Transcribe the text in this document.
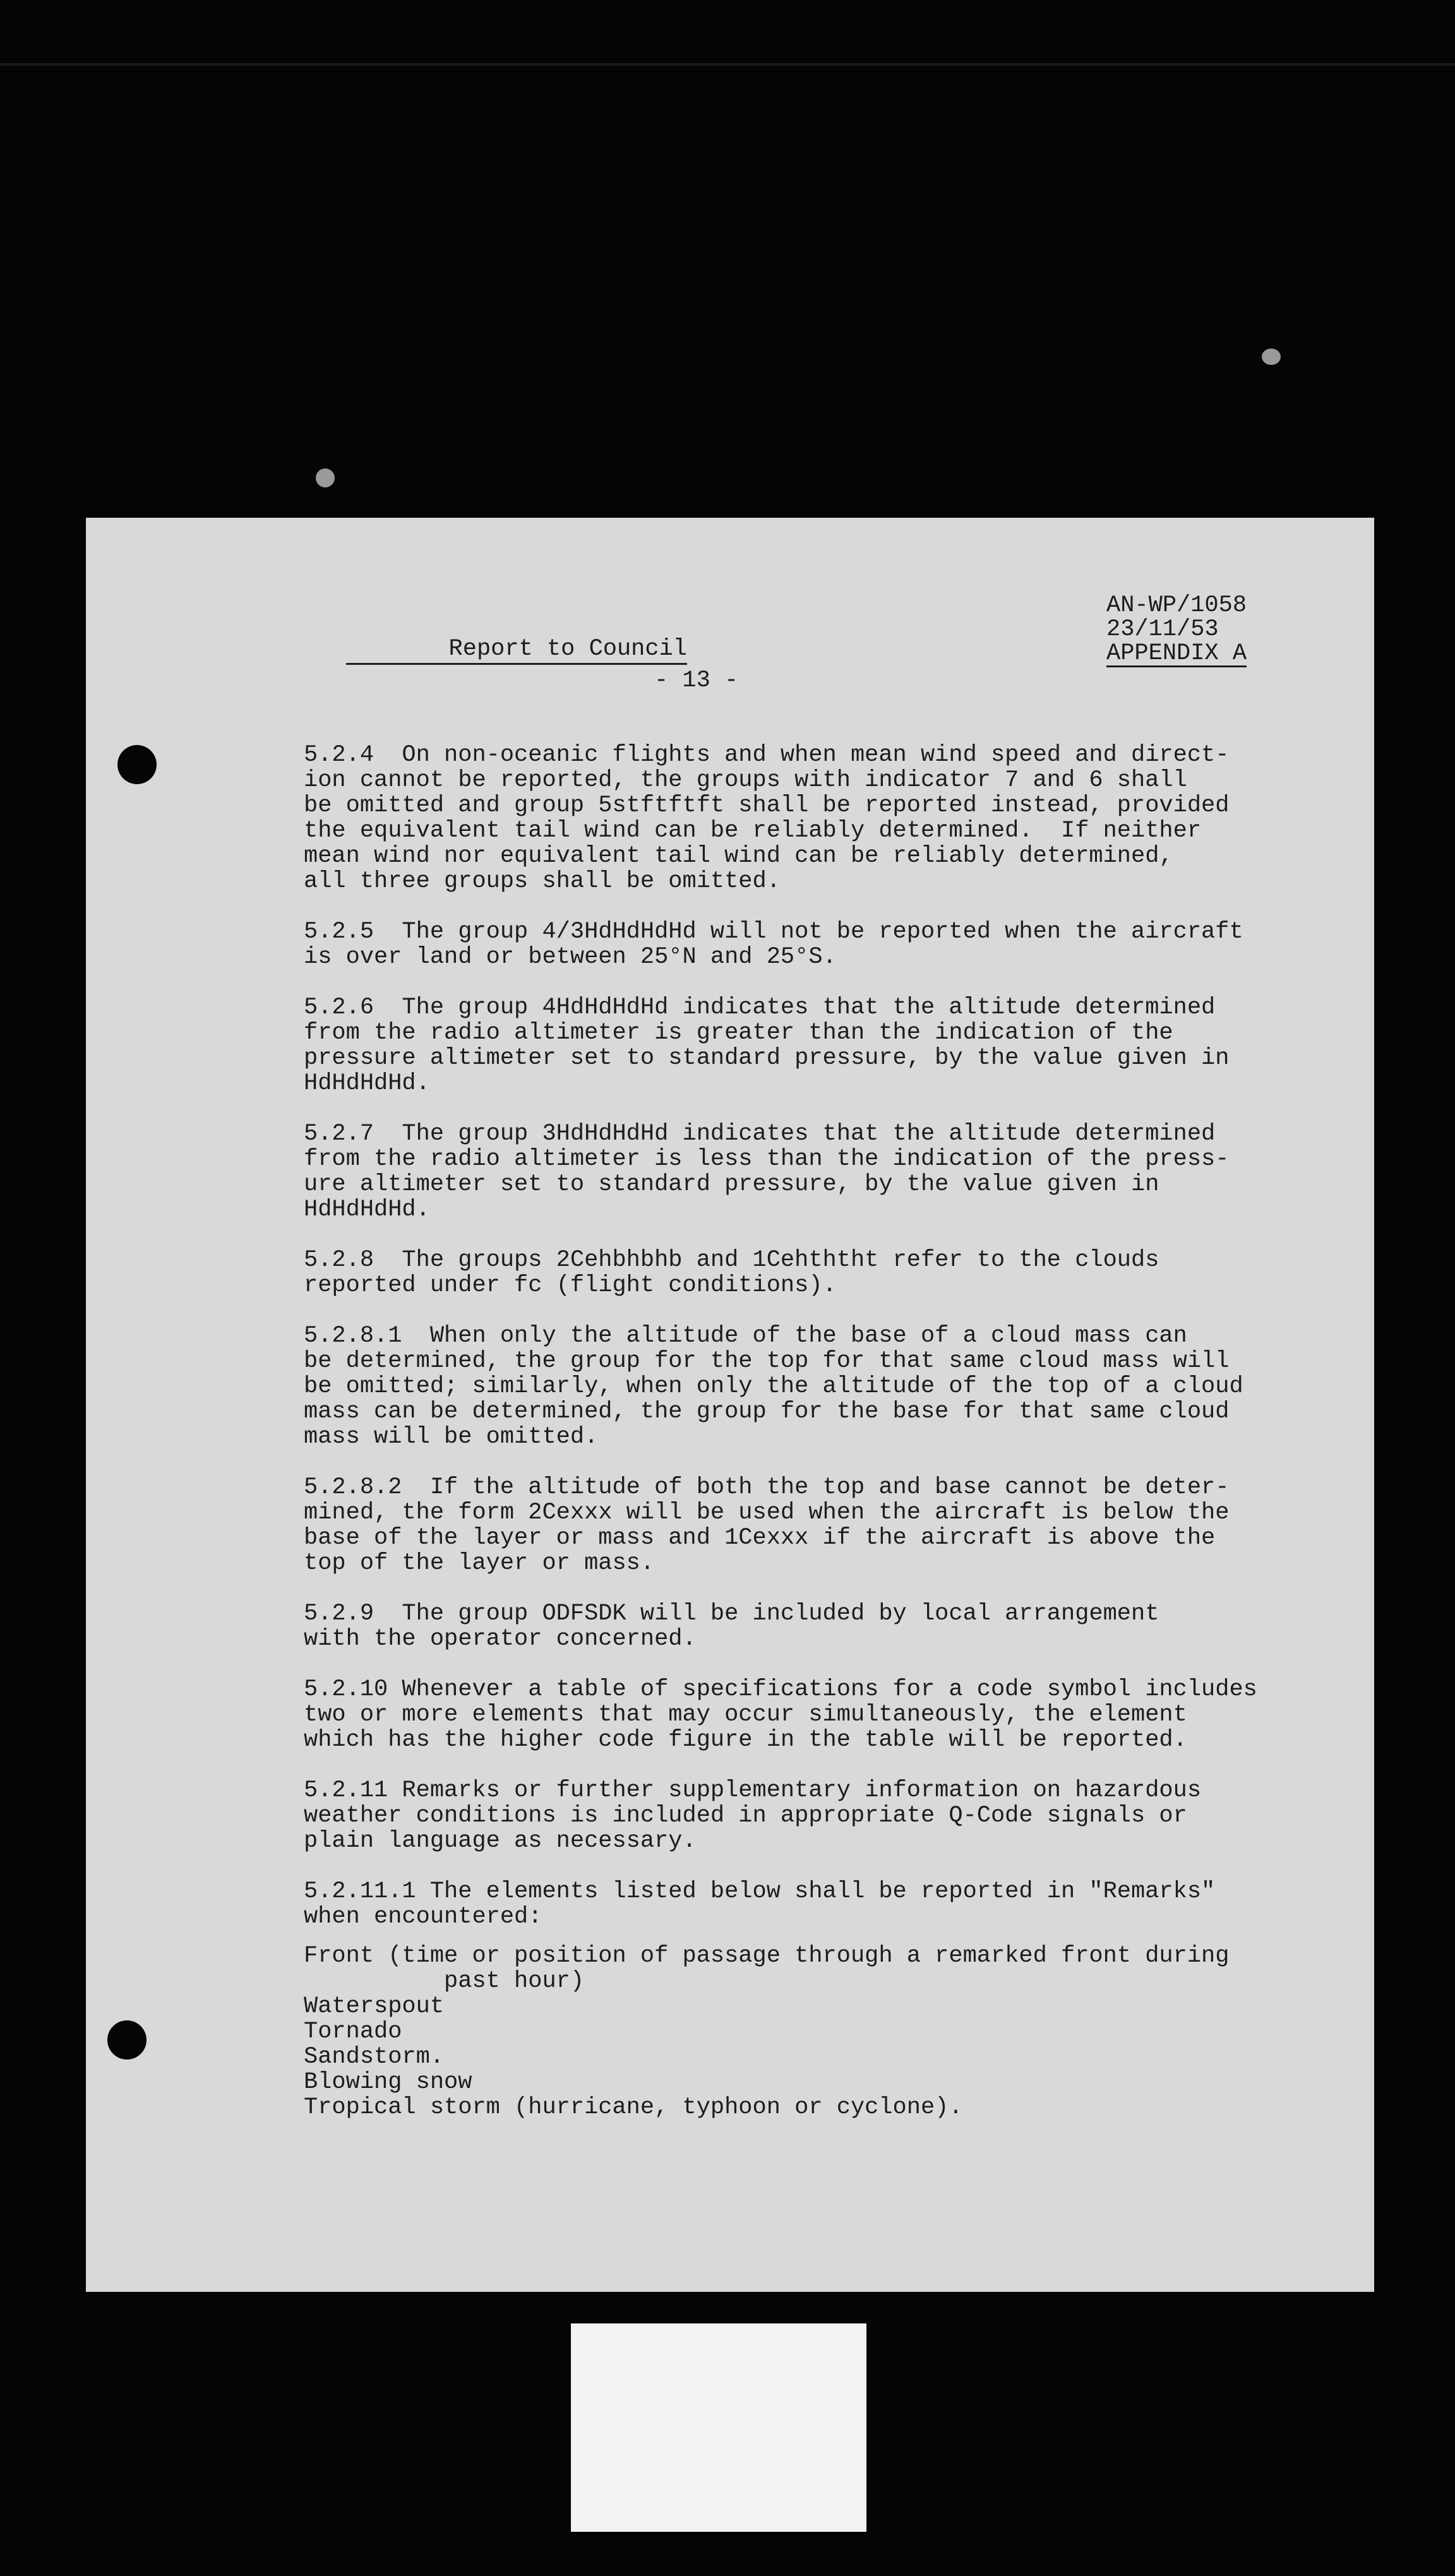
Report to Council
AN-WP/1058
23/11/53
APPENDIX A
- 13 -
5.2.4  On non-oceanic flights and when mean wind speed and direct-
ion cannot be reported, the groups with indicator 7 and 6 shall
be omitted and group 5stftftft shall be reported instead, provided
the equivalent tail wind can be reliably determined.  If neither
mean wind nor equivalent tail wind can be reliably determined,
all three groups shall be omitted.
5.2.5  The group 4/3HdHdHdHd will not be reported when the aircraft
is over land or between 25°N and 25°S.
5.2.6  The group 4HdHdHdHd indicates that the altitude determined
from the radio altimeter is greater than the indication of the
pressure altimeter set to standard pressure, by the value given in
HdHdHdHd.
5.2.7  The group 3HdHdHdHd indicates that the altitude determined
from the radio altimeter is less than the indication of the press-
ure altimeter set to standard pressure, by the value given in
HdHdHdHd.
5.2.8  The groups 2Cehbhbhb and 1Cehththt refer to the clouds
reported under fc (flight conditions).
5.2.8.1  When only the altitude of the base of a cloud mass can
be determined, the group for the top for that same cloud mass will
be omitted; similarly, when only the altitude of the top of a cloud
mass can be determined, the group for the base for that same cloud
mass will be omitted.
5.2.8.2  If the altitude of both the top and base cannot be deter-
mined, the form 2Cexxx will be used when the aircraft is below the
base of the layer or mass and 1Cexxx if the aircraft is above the
top of the layer or mass.
5.2.9  The group ODFSDK will be included by local arrangement
with the operator concerned.
5.2.10 Whenever a table of specifications for a code symbol includes
two or more elements that may occur simultaneously, the element
which has the higher code figure in the table will be reported.
5.2.11 Remarks or further supplementary information on hazardous
weather conditions is included in appropriate Q-Code signals or
plain language as necessary.
5.2.11.1 The elements listed below shall be reported in "Remarks"
when encountered:
Front (time or position of passage through a remarked front during
past hour)
Waterspout
Tornado
Sandstorm.
Blowing snow
Tropical storm (hurricane, typhoon or cyclone).
